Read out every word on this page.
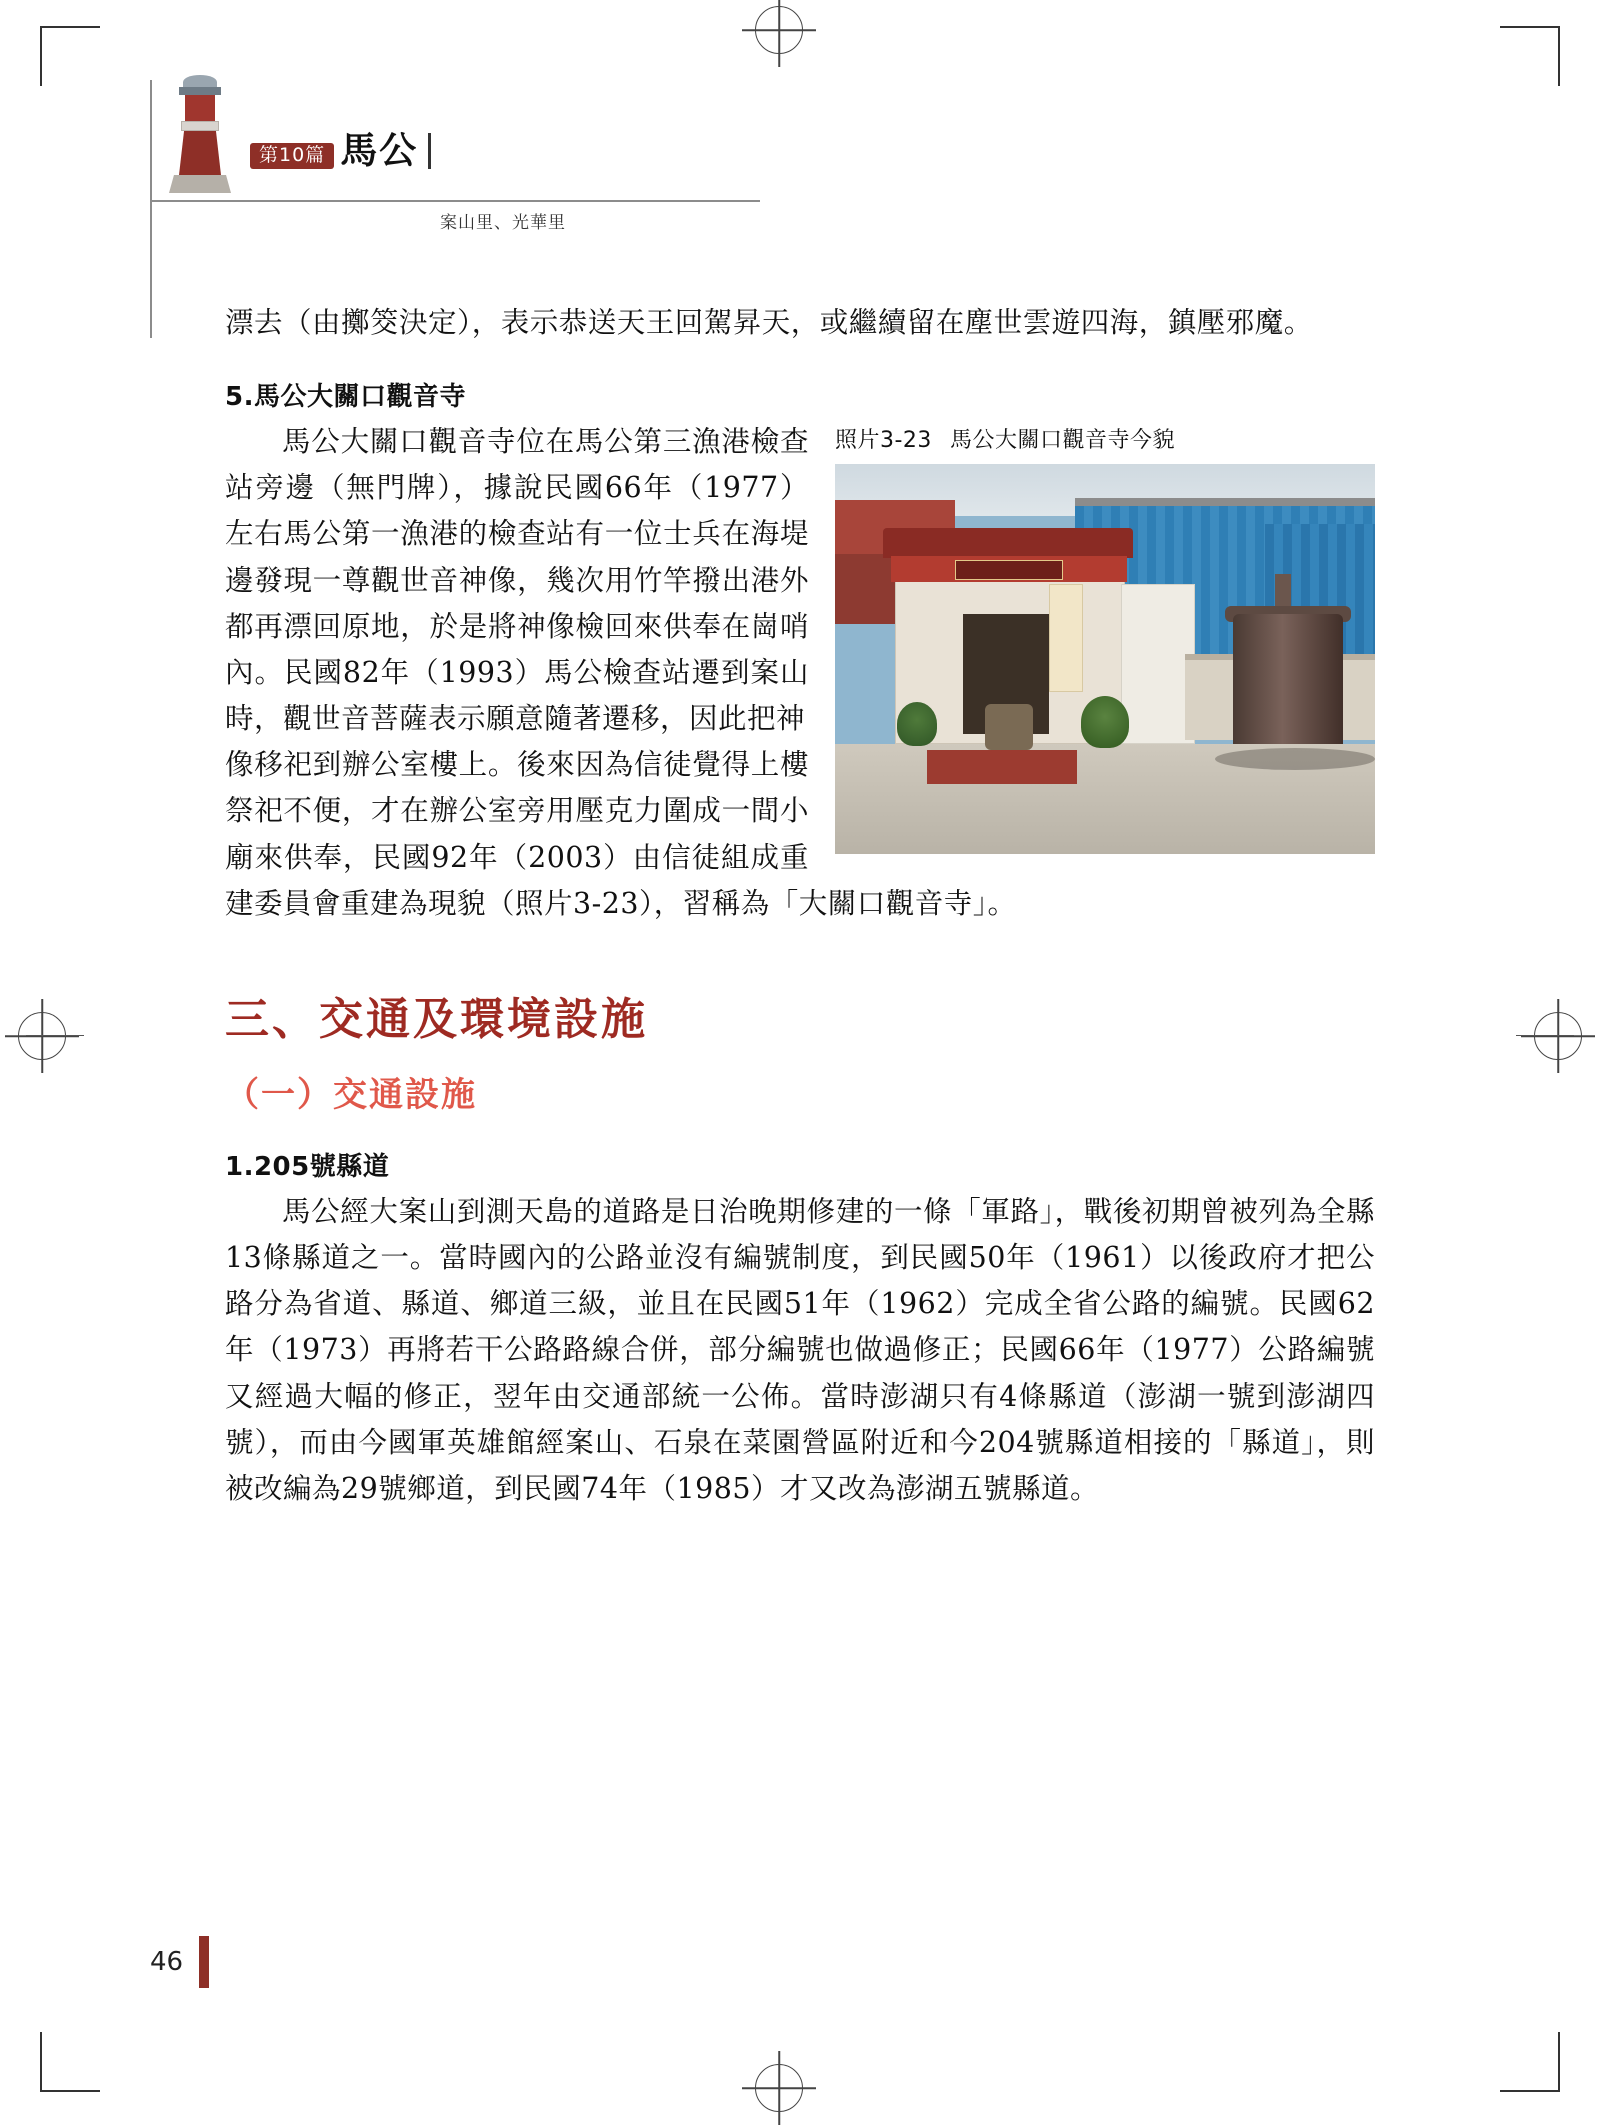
第10篇 馬公
案山里、光華里

漂去（由擲筊決定），表示恭送天王回駕昇天，或繼續留在塵世雲遊四海，鎮壓邪魔。

5.馬公大關口觀音寺
照片3-23 馬公大關口觀音寺今貌

馬公大關口觀音寺位在馬公第三漁港檢查站旁邊（無門牌），據說民國66年（1977）左右馬公第一漁港的檢查站有一位士兵在海堤邊發現一尊觀世音神像，幾次用竹竿撥出港外都再漂回原地，於是將神像檢回來供奉在崗哨內。民國82年（1993）馬公檢查站遷到案山時，觀世音菩薩表示願意隨著遷移，因此把神

像移祀到辦公室樓上。後來因為信徒覺得上樓祭祀不便，才在辦公室旁用壓克力圍成一間小廟來供奉，民國92年（2003）由信徒組成重建委員會重建為現貌（照片3-23），習稱為「大關口觀音寺」。

三、交通及環境設施
（一）交通設施
1.205號縣道

馬公經大案山到測天島的道路是日治晚期修建的一條「軍路」，戰後初期曾被列為全縣13條縣道之一。當時國內的公路並沒有編號制度，到民國50年（1961）以後政府才把公路分為省道、縣道、鄉道三級，並且在民國51年（1962）完成全省公路的編號。民國62年（1973）再將若干公路路線合併，部分編號也做過修正；民國66年（1977）公路編號又經過大幅的修正，翌年由交通部統一公佈。當時澎湖只有4條縣道（澎湖一號到澎湖四號），而由今國軍英雄館經案山、石泉在菜園營區附近和今204號縣道相接的「縣道」，則被改編為29號鄉道，到民國74年（1985）才又改為澎湖五號縣道。

46
